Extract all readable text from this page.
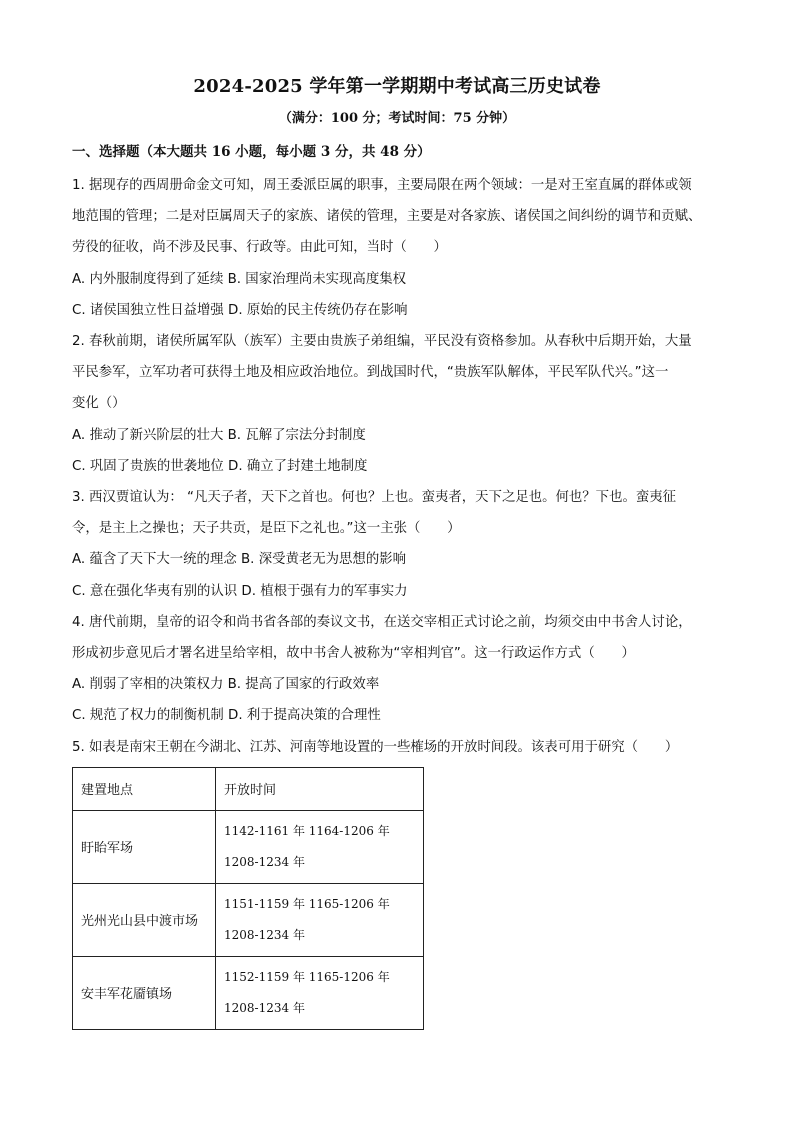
2024-2025 学年第一学期期中考试高三历史试卷
（满分：100 分；考试时间：75 分钟）
一、选择题（本大题共 16 小题，每小题 3 分，共 48 分）

1. 据现存的西周册命金文可知，周王委派臣属的职事，主要局限在两个领域：一是对王室直属的群体或领

地范围的管理；二是对臣属周天子的家族、诸侯的管理，主要是对各家族、诸侯国之间纠纷的调节和贡赋、

劳役的征收，尚不涉及民事、行政等。由此可知，当时（　　）

A. 内外服制度得到了延续 B. 国家治理尚未实现高度集权

C. 诸侯国独立性日益增强 D. 原始的民主传统仍存在影响

2. 春秋前期，诸侯所属军队（族军）主要由贵族子弟组编，平民没有资格参加。从春秋中后期开始，大量

平民参军，立军功者可获得土地及相应政治地位。到战国时代，“贵族军队解体，平民军队代兴。”这一

变化（）

A. 推动了新兴阶层的壮大 B. 瓦解了宗法分封制度

C. 巩固了贵族的世袭地位 D. 确立了封建土地制度

3. 西汉贾谊认为： “凡天子者，天下之首也。何也？上也。蛮夷者，天下之足也。何也？下也。蛮夷征

令，是主上之操也；天子共贡，是臣下之礼也。”这一主张（　　）

A. 蕴含了天下大一统的理念 B. 深受黄老无为思想的影响

C. 意在强化华夷有别的认识 D. 植根于强有力的军事实力

4. 唐代前期，皇帝的诏令和尚书省各部的奏议文书，在送交宰相正式讨论之前，均须交由中书舍人讨论，

形成初步意见后才署名进呈给宰相，故中书舍人被称为“宰相判官”。这一行政运作方式（　　）

A. 削弱了宰相的决策权力 B. 提高了国家的行政效率

C. 规范了权力的制衡机制 D. 利于提高决策的合理性

5. 如表是南宋王朝在今湖北、江苏、河南等地设置的一些榷场的开放时间段。该表可用于研究（　　）

建置地点	开放时间
盱眙军场	1142-1161 年 1164-1206 年
1208-1234 年

光州光山县中渡市场	1151-1159 年 1165-1206 年
1208-1234 年

安丰军花靥镇场	1152-1159 年 1165-1206 年
1208-1234 年
